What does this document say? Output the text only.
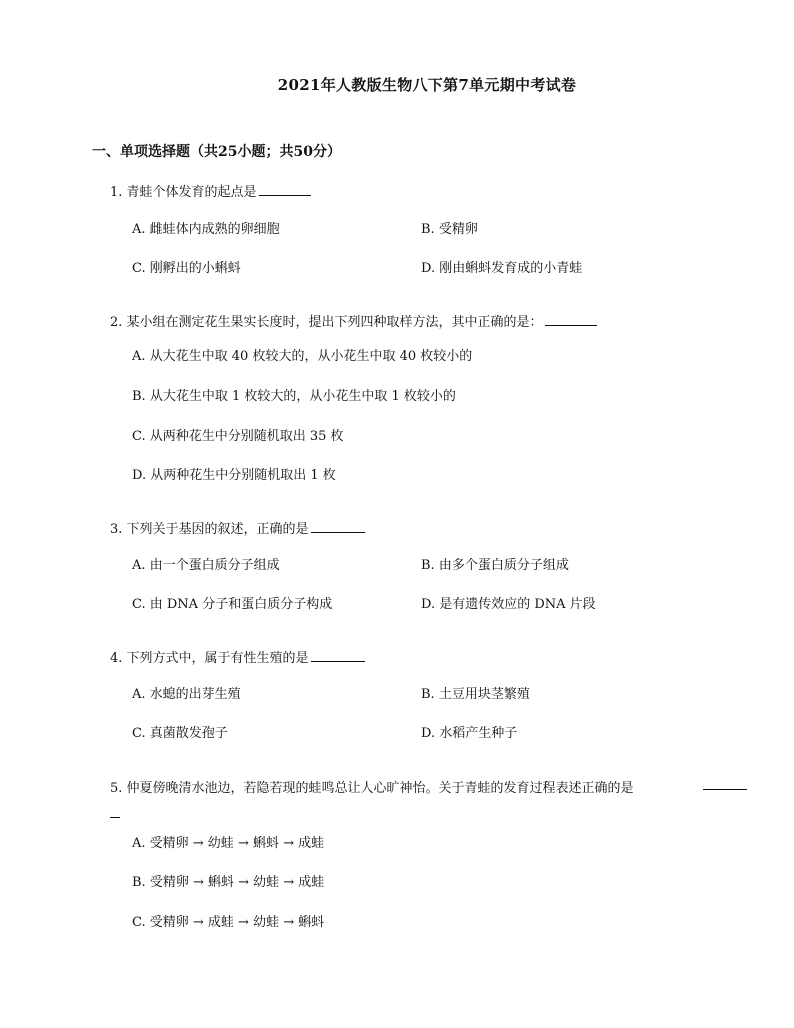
2021年人教版生物八下第7单元期中考试卷
一、单项选择题（共25小题；共50分）
1. 青蛙个体发育的起点是
A. 雌蛙体内成熟的卵细胞	B. 受精卵
C. 刚孵出的小蝌蚪	D. 刚由蝌蚪发育成的小青蛙
2. 某小组在测定花生果实长度时，提出下列四种取样方法，其中正确的是：
A. 从大花生中取 40 枚较大的，从小花生中取 40 枚较小的
B. 从大花生中取 1 枚较大的，从小花生中取 1 枚较小的
C. 从两种花生中分别随机取出 35 枚
D. 从两种花生中分别随机取出 1 枚
3. 下列关于基因的叙述，正确的是
A. 由一个蛋白质分子组成	B. 由多个蛋白质分子组成
C. 由 DNA 分子和蛋白质分子构成	D. 是有遗传效应的 DNA 片段
4. 下列方式中，属于有性生殖的是
A. 水螅的出芽生殖	B. 土豆用块茎繁殖
C. 真菌散发孢子	D. 水稻产生种子
5. 仲夏傍晚清水池边，若隐若现的蛙鸣总让人心旷神怡。关于青蛙的发育过程表述正确的是
A. 受精卵 → 幼蛙 → 蝌蚪 → 成蛙
B. 受精卵 → 蝌蚪 → 幼蛙 → 成蛙
C. 受精卵 → 成蛙 → 幼蛙 → 蝌蚪
